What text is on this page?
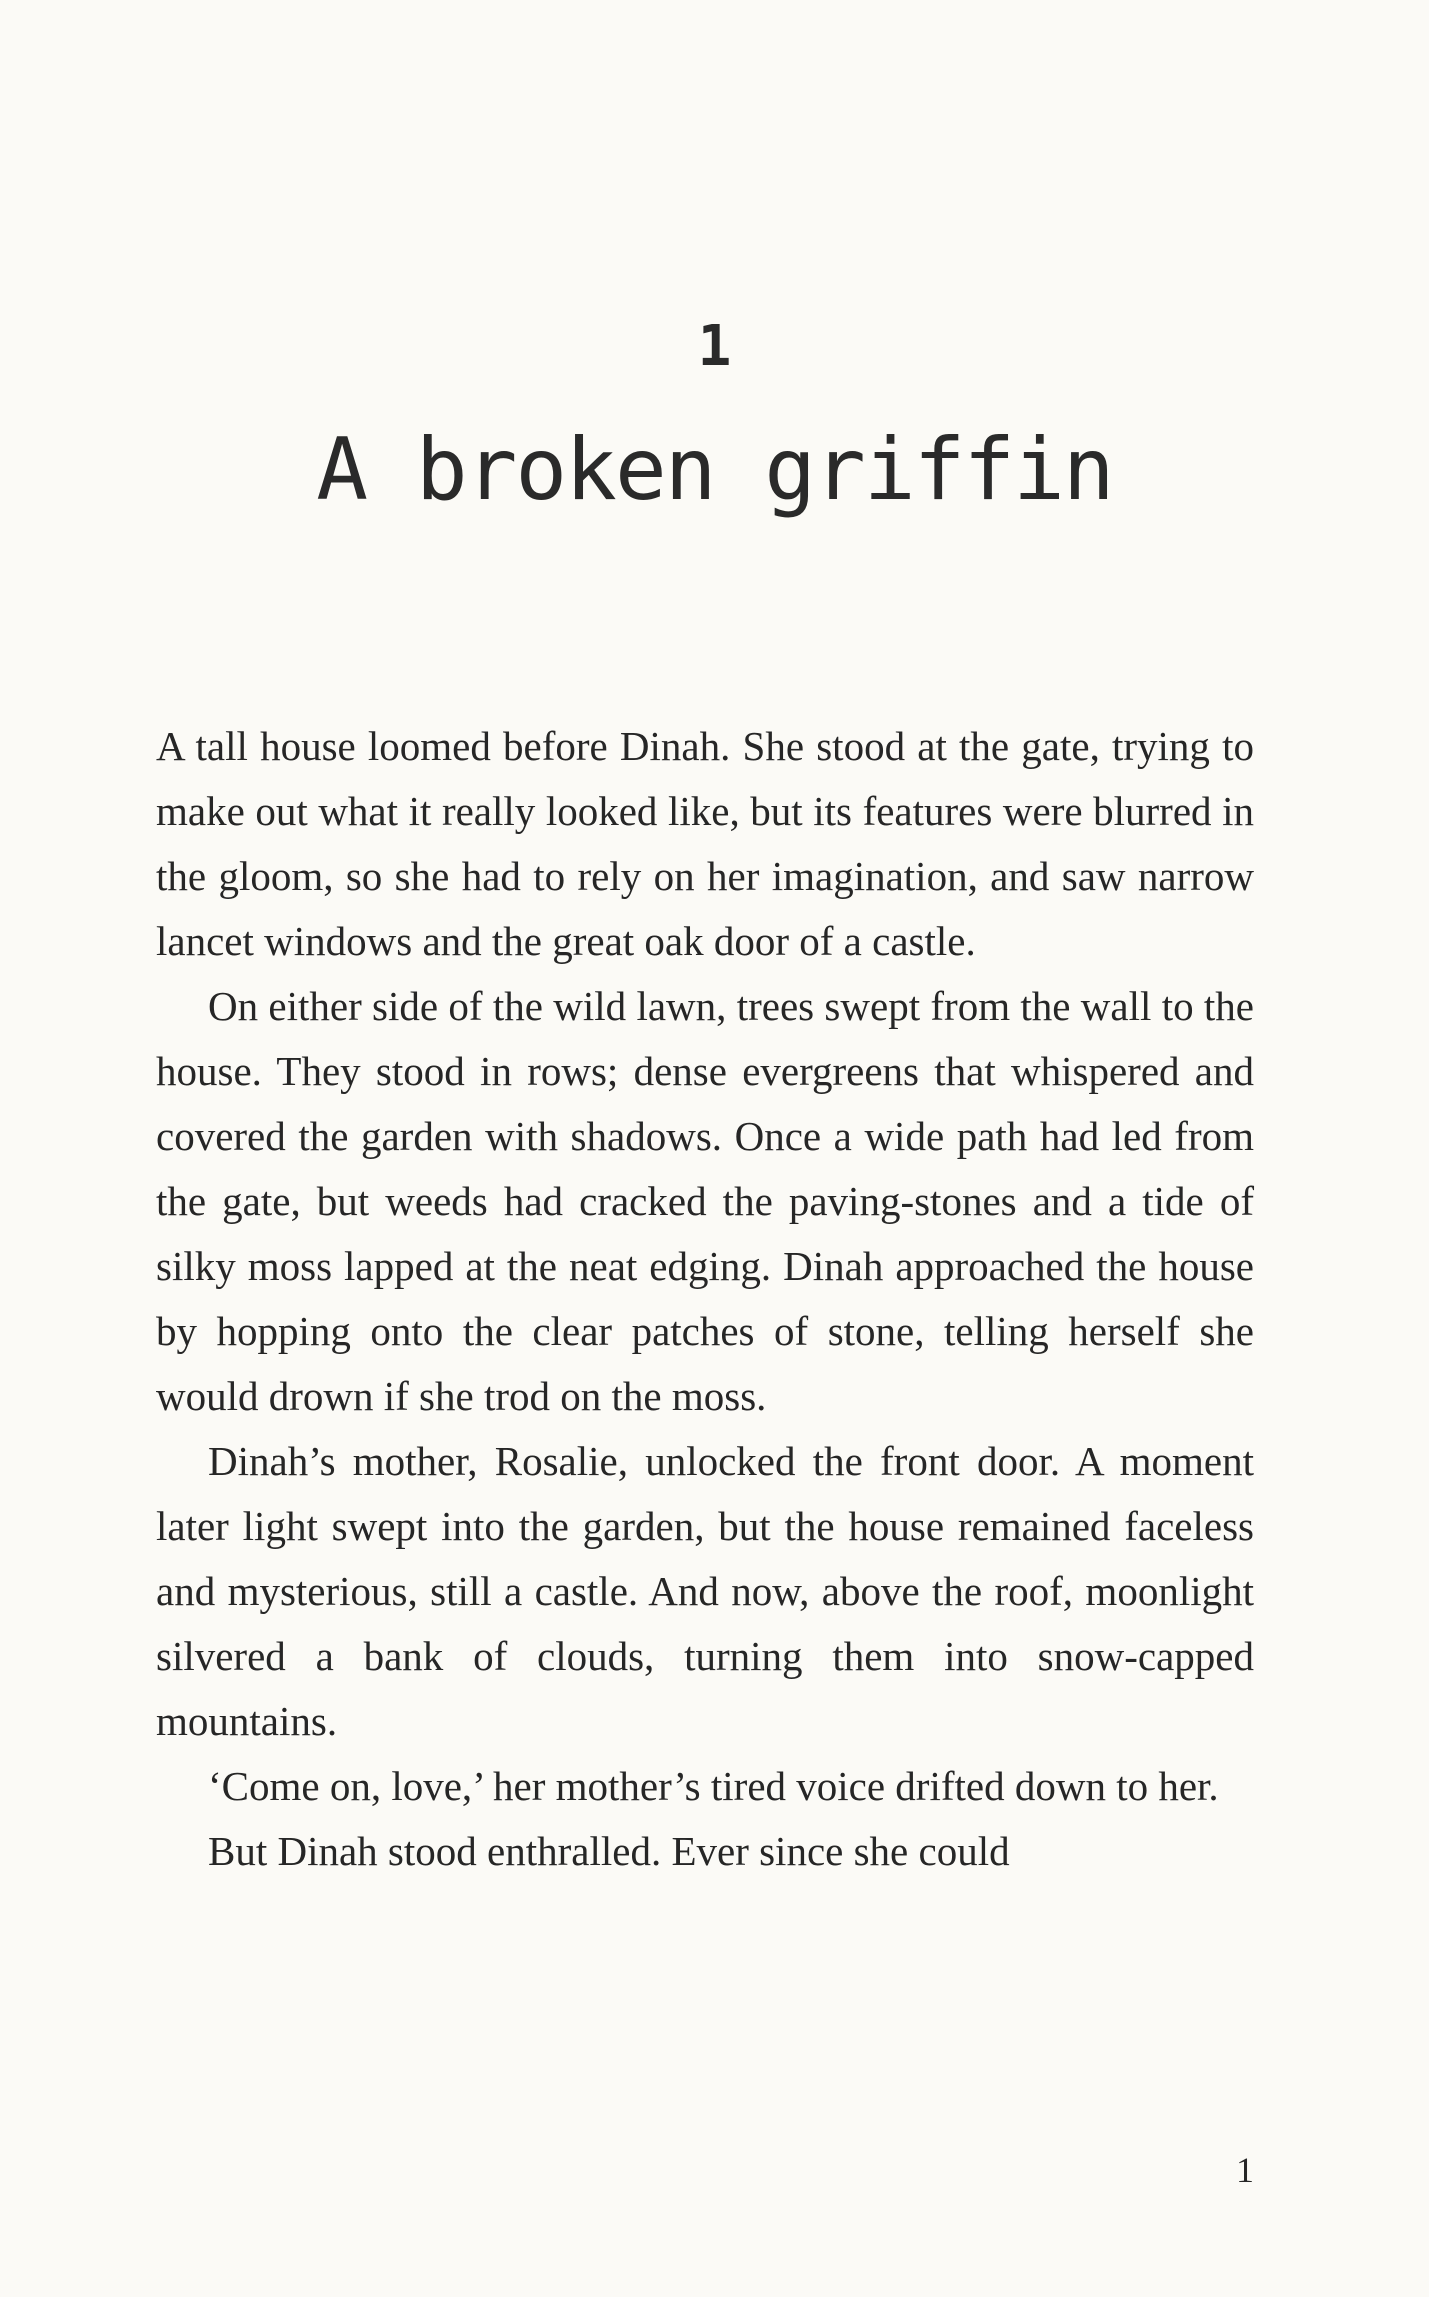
1
A broken griffin

A tall house loomed before Dinah. She stood at the gate, trying to make out what it really looked like, but its features were blurred in the gloom, so she had to rely on her imagination, and saw narrow lancet windows and the great oak door of a castle.

On either side of the wild lawn, trees swept from the wall to the house. They stood in rows; dense evergreens that whispered and covered the garden with shadows. Once a wide path had led from the gate, but weeds had cracked the paving-stones and a tide of silky moss lapped at the neat edging. Dinah approached the house by hopping onto the clear patches of stone, telling herself she would drown if she trod on the moss.

Dinah’s mother, Rosalie, unlocked the front door. A moment later light swept into the garden, but the house remained faceless and mysterious, still a castle. And now, above the roof, moonlight silvered a bank of clouds, turning them into snow-capped mountains.

‘Come on, love,’ her mother’s tired voice drifted down to her.

But Dinah stood enthralled. Ever since she could

1
